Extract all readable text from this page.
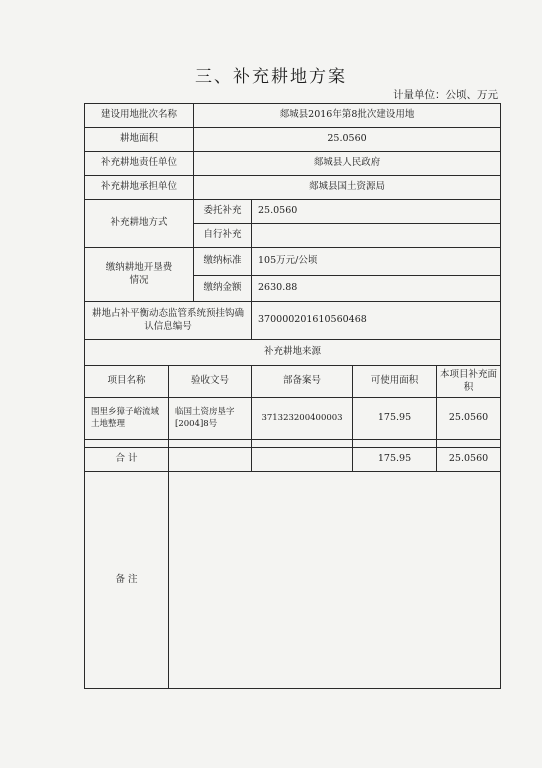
三、补充耕地方案
计量单位：公顷、万元
建设用地批次名称		郯城县2016年第8批次建设用地			
耕地面积		25.0560			
补充耕地责任单位		郯城县人民政府			
补充耕地承担单位		郯城县国土资源局			
补充耕地方式		委托补充	25.0560		
		自行补充			
缴纳耕地开垦费情况		缴纳标准	105万元/公顷		
		缴纳金额	2630.88		
耕地占补平衡动态监管系统预挂钩确认信息编号			370000201610560468		
补充耕地来源					
项目名称	验收文号		部备案号	可使用面积	本项目补充面积
围里乡獐子峪流域土地整理	临国土资房垦字[2004]8号		371323200400003	175.95	25.0560

合 计				175.95	25.0560
备 注					
